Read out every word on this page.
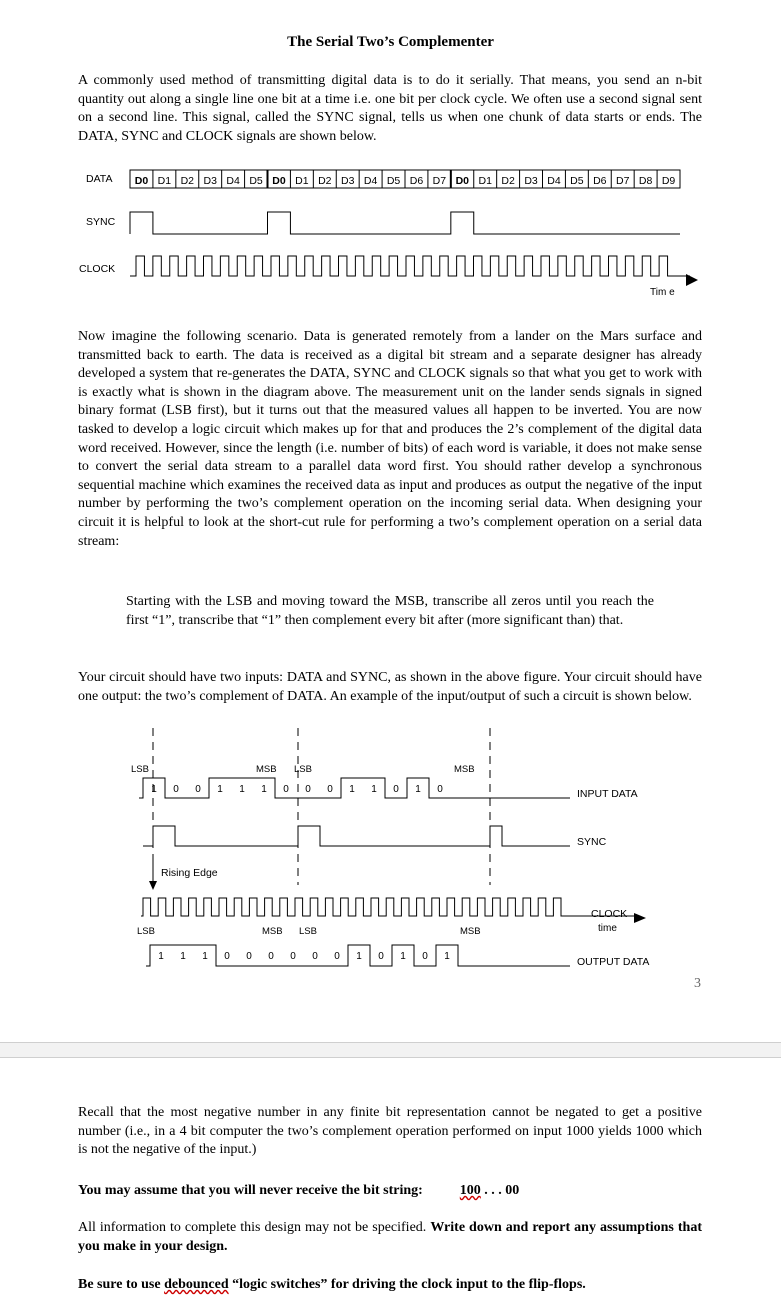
The Serial Two’s Complementer

A commonly used method of transmitting digital data is to do it serially. That means, you send an n-bit quantity out along a single line one bit at a time i.e. one bit per clock cycle. We often use a second signal sent on a second line. This signal, called the SYNC signal, tells us when one chunk of data starts or ends. The DATA, SYNC and CLOCK signals are shown below.

DATA
SYNC
CLOCK
Tim e
D0 D1 D2 D3 D4 D5 D0 D1 D2 D3 D4 D5 D6 D7 D0 D1 D2 D3 D4 D5 D6 D7 D8 D9

Now imagine the following scenario. Data is generated remotely from a lander on the Mars surface and transmitted back to earth. The data is received as a digital bit stream and a separate designer has already developed a system that re-generates the DATA, SYNC and CLOCK signals so that what you get to work with is exactly what is shown in the diagram above. The measurement unit on the lander sends signals in signed binary format (LSB first), but it turns out that the measured values all happen to be inverted. You are now tasked to develop a logic circuit which makes up for that and produces the 2’s complement of the digital data word received. However, since the length (i.e. number of bits) of each word is variable, it does not make sense to convert the serial data stream to a parallel data word first. You should rather develop a synchronous sequential machine which examines the received data as input and produces as output the negative of the input number by performing the two’s complement operation on the incoming serial data. When designing your circuit it is helpful to look at the short-cut rule for performing a two’s complement operation on a serial data stream:

Starting with the LSB and moving toward the MSB, transcribe all zeros until you reach the first “1”, transcribe that “1” then complement every bit after (more significant than) that.

Your circuit should have two inputs: DATA and SYNC, as shown in the above figure. Your circuit should have one output: the two’s complement of DATA. An example of the input/output of such a circuit is shown below.

1 0 0 1 1 1 0 0 0 1 1 0 1 0
1 1 1 0 0 0 0 0 0 1 0 1 0 1
LSB	MSB LSB	MSB
INPUT DATA
SYNC
Rising Edge
CLOCK
time
LSB	MSB LSB	MSB
OUTPUT DATA
3

Recall that the most negative number in any finite bit representation cannot be negated to get a positive number (i.e., in a 4 bit computer the two’s complement operation performed on input 1000 yields 1000 which is not the negative of the input.)

You may assume that you will never receive the bit string:	100 . . . 00

All information to complete this design may not be specified. Write down and report any assumptions that you make in your design.

Be sure to use debounced “logic switches” for driving the clock input to the flip-flops.
